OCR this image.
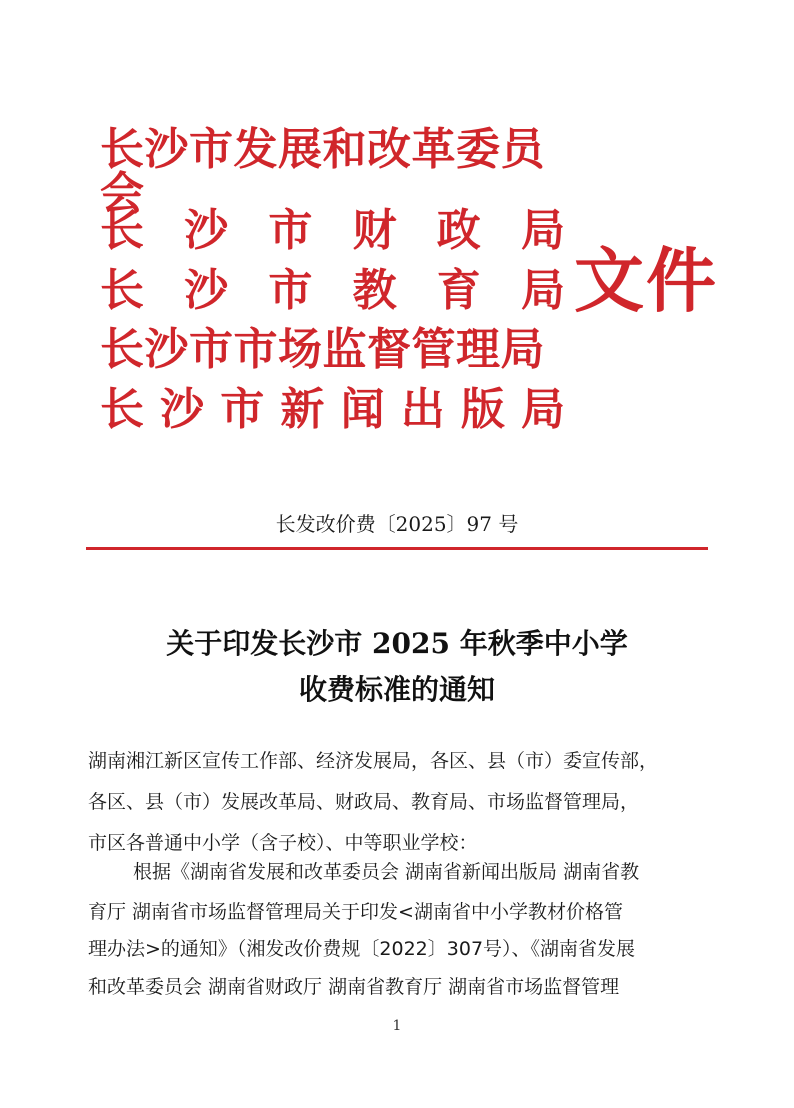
长沙市发展和改革委员会
长 沙 市 财 政 局
长 沙 市 教 育 局
长沙市市场监督管理局
长 沙 市 新 闻 出 版 局
文件
长发改价费〔2025〕97 号
关于印发长沙市 2025 年秋季中小学
收费标准的通知
湖南湘江新区宣传工作部、经济发展局，各区、县（市）委宣传部，
各区、县（市）发展改革局、财政局、教育局、市场监督管理局，
市区各普通中小学（含子校）、中等职业学校：
根据《湖南省发展和改革委员会 湖南省新闻出版局 湖南省教
育厅 湖南省市场监督管理局关于印发<湖南省中小学教材价格管
理办法>的通知》（湘发改价费规〔2022〕307号）、《湖南省发展
和改革委员会 湖南省财政厅 湖南省教育厅 湖南省市场监督管理
1
